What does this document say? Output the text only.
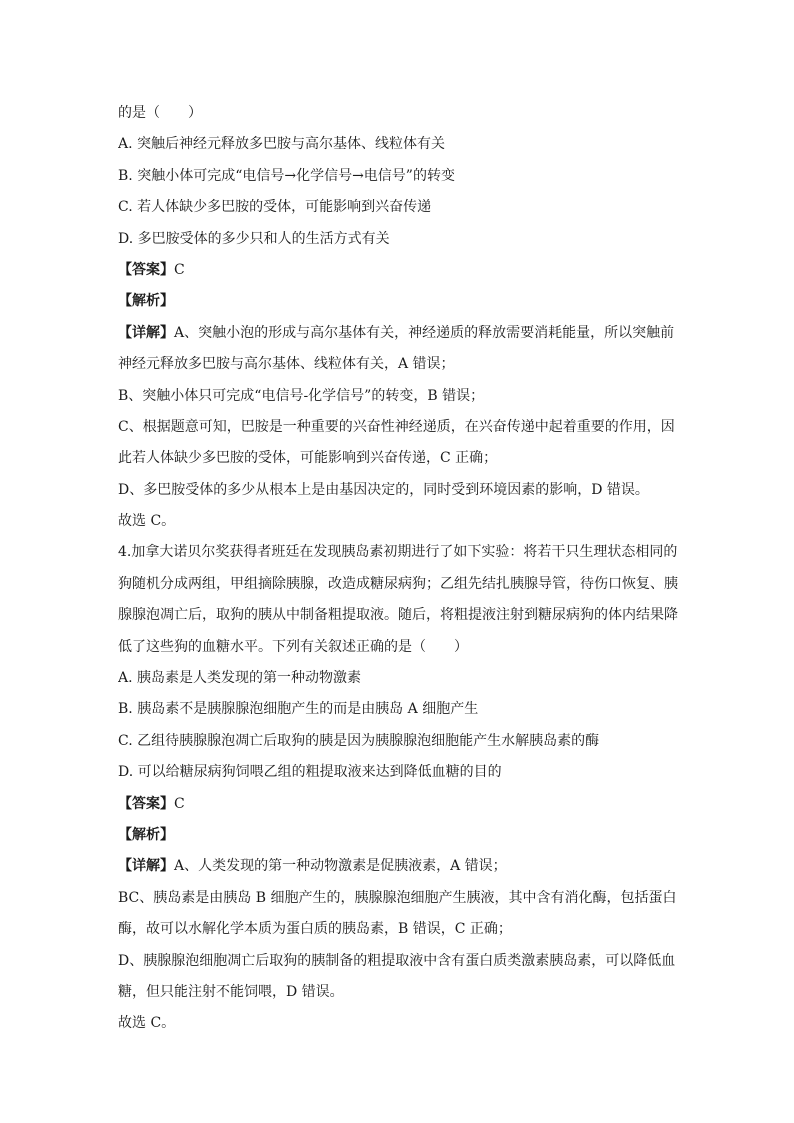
的是（　　）
A. 突触后神经元释放多巴胺与高尔基体、线粒体有关
B. 突触小体可完成“电信号→化学信号→电信号”的转变
C. 若人体缺少多巴胺的受体，可能影响到兴奋传递
D. 多巴胺受体的多少只和人的生活方式有关
【答案】C
【解析】
【详解】A、突触小泡的形成与高尔基体有关，神经递质的释放需要消耗能量，所以突触前
神经元释放多巴胺与高尔基体、线粒体有关，A 错误；
B、突触小体只可完成“电信号-化学信号”的转变，B 错误；
C、根据题意可知，巴胺是一种重要的兴奋性神经递质，在兴奋传递中起着重要的作用，因
此若人体缺少多巴胺的受体，可能影响到兴奋传递，C 正确；
D、多巴胺受体的多少从根本上是由基因决定的，同时受到环境因素的影响，D 错误。
故选 C。
4.加拿大诺贝尔奖获得者班廷在发现胰岛素初期进行了如下实验：将若干只生理状态相同的
狗随机分成两组，甲组摘除胰腺，改造成糖尿病狗；乙组先结扎胰腺导管，待伤口恢复、胰
腺腺泡凋亡后，取狗的胰从中制备粗提取液。随后，将粗提液注射到糖尿病狗的体内结果降
低了这些狗的血糖水平。下列有关叙述正确的是（　　）
A. 胰岛素是人类发现的第一种动物激素
B. 胰岛素不是胰腺腺泡细胞产生的而是由胰岛 A 细胞产生
C. 乙组待胰腺腺泡凋亡后取狗的胰是因为胰腺腺泡细胞能产生水解胰岛素的酶
D. 可以给糖尿病狗饲喂乙组的粗提取液来达到降低血糖的目的
【答案】C
【解析】
【详解】A、人类发现的第一种动物激素是促胰液素，A 错误；
BC、胰岛素是由胰岛 B 细胞产生的，胰腺腺泡细胞产生胰液，其中含有消化酶，包括蛋白
酶，故可以水解化学本质为蛋白质的胰岛素，B 错误，C 正确；
D、胰腺腺泡细胞凋亡后取狗的胰制备的粗提取液中含有蛋白质类激素胰岛素，可以降低血
糖，但只能注射不能饲喂，D 错误。
故选 C。
